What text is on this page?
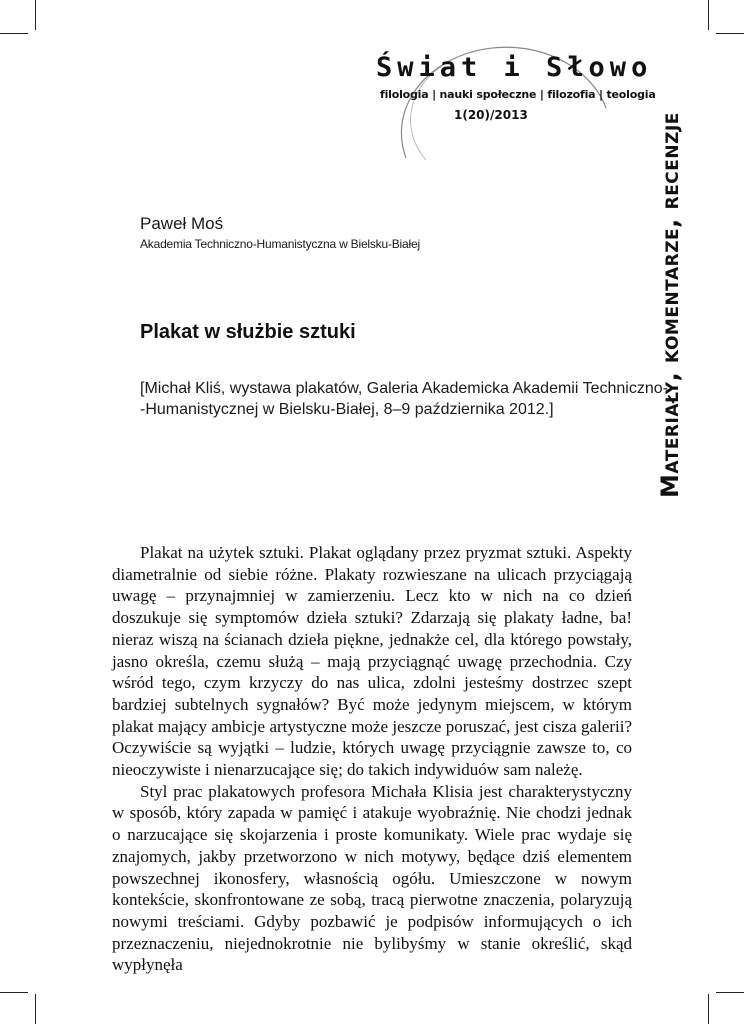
Świat i Słowo
filologia | nauki społeczne | filozofia | teologia
1(20)/2013	Materiały, komentarze, recenzje
Paweł Moś
Akademia Techniczno-Humanistyczna w Bielsku-Białej
Plakat w służbie sztuki
[Michał Kliś, wystawa plakatów, Galeria Akademicka Akademii Techniczno-
-Humanistycznej w Bielsku-Białej, 8–9 października 2012.]

Plakat na użytek sztuki. Plakat oglądany przez pryzmat sztuki. Aspekty diametralnie od siebie różne. Plakaty rozwieszane na ulicach przyciągają uwagę – przynajmniej w zamierzeniu. Lecz kto w nich na co dzień doszukuje się symptomów dzieła sztuki? Zdarzają się plakaty ładne, ba! nieraz wiszą na ścianach dzieła piękne, jednakże cel, dla którego powstały, jasno określa, czemu służą – mają przyciągnąć uwagę przechodnia. Czy wśród tego, czym krzyczy do nas ulica, zdolni jesteśmy dostrzec szept bardziej subtelnych sygnałów? Być może jedynym miejscem, w którym plakat mający ambicje artystyczne może jeszcze poruszać, jest cisza galerii? Oczywiście są wyjątki – ludzie, których uwagę przyciągnie zawsze to, co nieoczywiste i nienarzucające się; do takich indywiduów sam należę.

Styl prac plakatowych profesora Michała Klisia jest charakterystyczny w sposób, który zapada w pamięć i atakuje wyobraźnię. Nie chodzi jednak o narzucające się skojarzenia i proste komunikaty. Wiele prac wydaje się znajomych, jakby przetworzono w nich motywy, będące dziś elementem powszechnej ikonosfery, własnością ogółu. Umieszczone w nowym kontekście, skonfrontowane ze sobą, tracą pierwotne znaczenia, polaryzują nowymi treściami. Gdyby pozbawić je podpisów informujących o ich przeznaczeniu, niejednokrotnie nie bylibyśmy w stanie określić, skąd wypłynęła
